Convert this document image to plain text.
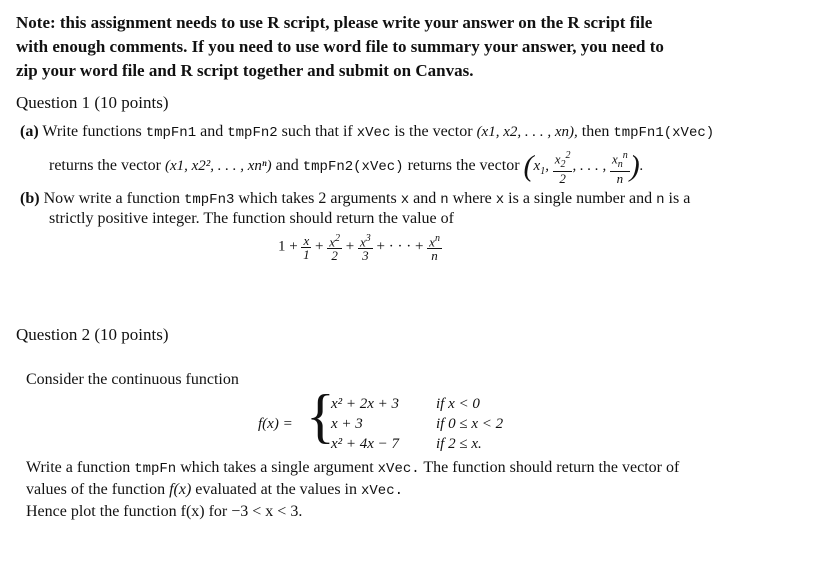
Note: this assignment needs to use R script, please write your answer on the R script file
with enough comments. If you need to use word file to summary your answer, you need to
zip your word file and R script together and submit on Canvas.
Question 1 (10 points)
(a) Write functions tmpFn1 and tmpFn2 such that if xVec is the vector (x1, x2, . . . , xn), then tmpFn1(xVec)
returns the vector (x1, x2², . . . , xnⁿ) and tmpFn2(xVec) returns the vector ($x_1$, $\frac{x_2^2}{2}$ , . . . , $\frac{x_n^n}{n}$ ).
(b) Now write a function tmpFn3 which takes 2 arguments x and n where x is a single number and n is a
strictly positive integer. The function should return the value of
$1 + \frac{x}{1} + \frac{x^2}{2} + \frac{x^3}{3}$ + · · · + $\frac{x^n}{n}$
Question 2 (10 points)
Consider the continuous function
f(x) = {
x² + 2x + 3 if x < 0
x + 3	if 0 ≤ x < 2
x² + 4x − 7 if 2 ≤ x.
Write a function tmpFn which takes a single argument xVec. The function should return the vector of
values of the function f(x) evaluated at the values in xVec.
Hence plot the function f(x) for −3 < x < 3.
